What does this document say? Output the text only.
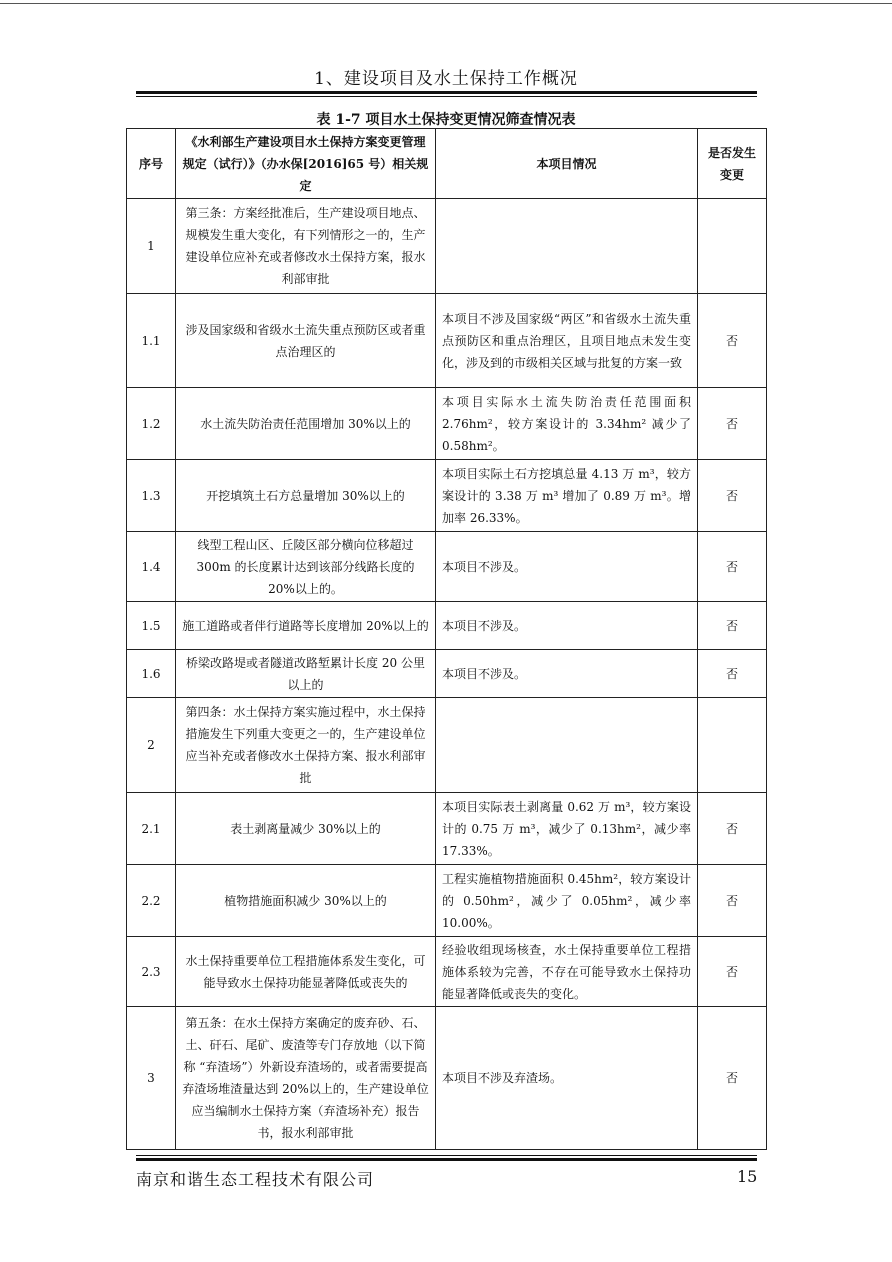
1、建设项目及水土保持工作概况
表 1-7 项目水土保持变更情况筛查情况表
序号	《水利部生产建设项目水土保持方案变更管理规定（试行）》（办水保[2016]65 号）相关规定	本项目情况	是否发生变更
1	第三条：方案经批准后，生产建设项目地点、规模发生重大变化，有下列情形之一的，生产建设单位应补充或者修改水土保持方案，报水利部审批		
1.1	涉及国家级和省级水土流失重点预防区或者重点治理区的	本项目不涉及国家级“两区”和省级水土流失重点预防区和重点治理区，且项目地点未发生变化，涉及到的市级相关区域与批复的方案一致	否
1.2	水土流失防治责任范围增加 30%以上的	本项目实际水土流失防治责任范围面积 2.76hm²，较方案设计的 3.34hm² 减少了 0.58hm²。	否
1.3	开挖填筑土石方总量增加 30%以上的	本项目实际土石方挖填总量 4.13 万 m³，较方案设计的 3.38 万 m³ 增加了 0.89 万 m³。增加率 26.33%。	否
1.4	线型工程山区、丘陵区部分横向位移超过 300m 的长度累计达到该部分线路长度的 20%以上的。	本项目不涉及。	否
1.5	施工道路或者伴行道路等长度增加 20%以上的	本项目不涉及。	否
1.6	桥梁改路堤或者隧道改路堑累计长度 20 公里以上的	本项目不涉及。	否
2	第四条：水土保持方案实施过程中，水土保持措施发生下列重大变更之一的，生产建设单位应当补充或者修改水土保持方案、报水利部审批		
2.1	表土剥离量减少 30%以上的	本项目实际表土剥离量 0.62 万 m³，较方案设计的 0.75 万 m³，减少了 0.13hm²，减少率 17.33%。	否
2.2	植物措施面积减少 30%以上的	工程实施植物措施面积 0.45hm²，较方案设计的 0.50hm²，减少了 0.05hm²，减少率 10.00%。	否
2.3	水土保持重要单位工程措施体系发生变化，可能导致水土保持功能显著降低或丧失的	经验收组现场核查，水土保持重要单位工程措施体系较为完善，不存在可能导致水土保持功能显著降低或丧失的变化。	否
3	第五条：在水土保持方案确定的废弃砂、石、土、矸石、尾矿、废渣等专门存放地（以下简称 “弃渣场”）外新设弃渣场的，或者需要提高弃渣场堆渣量达到 20%以上的，生产建设单位应当编制水土保持方案（弃渣场补充）报告书，报水利部审批	本项目不涉及弃渣场。	否
南京和谐生态工程技术有限公司	15
